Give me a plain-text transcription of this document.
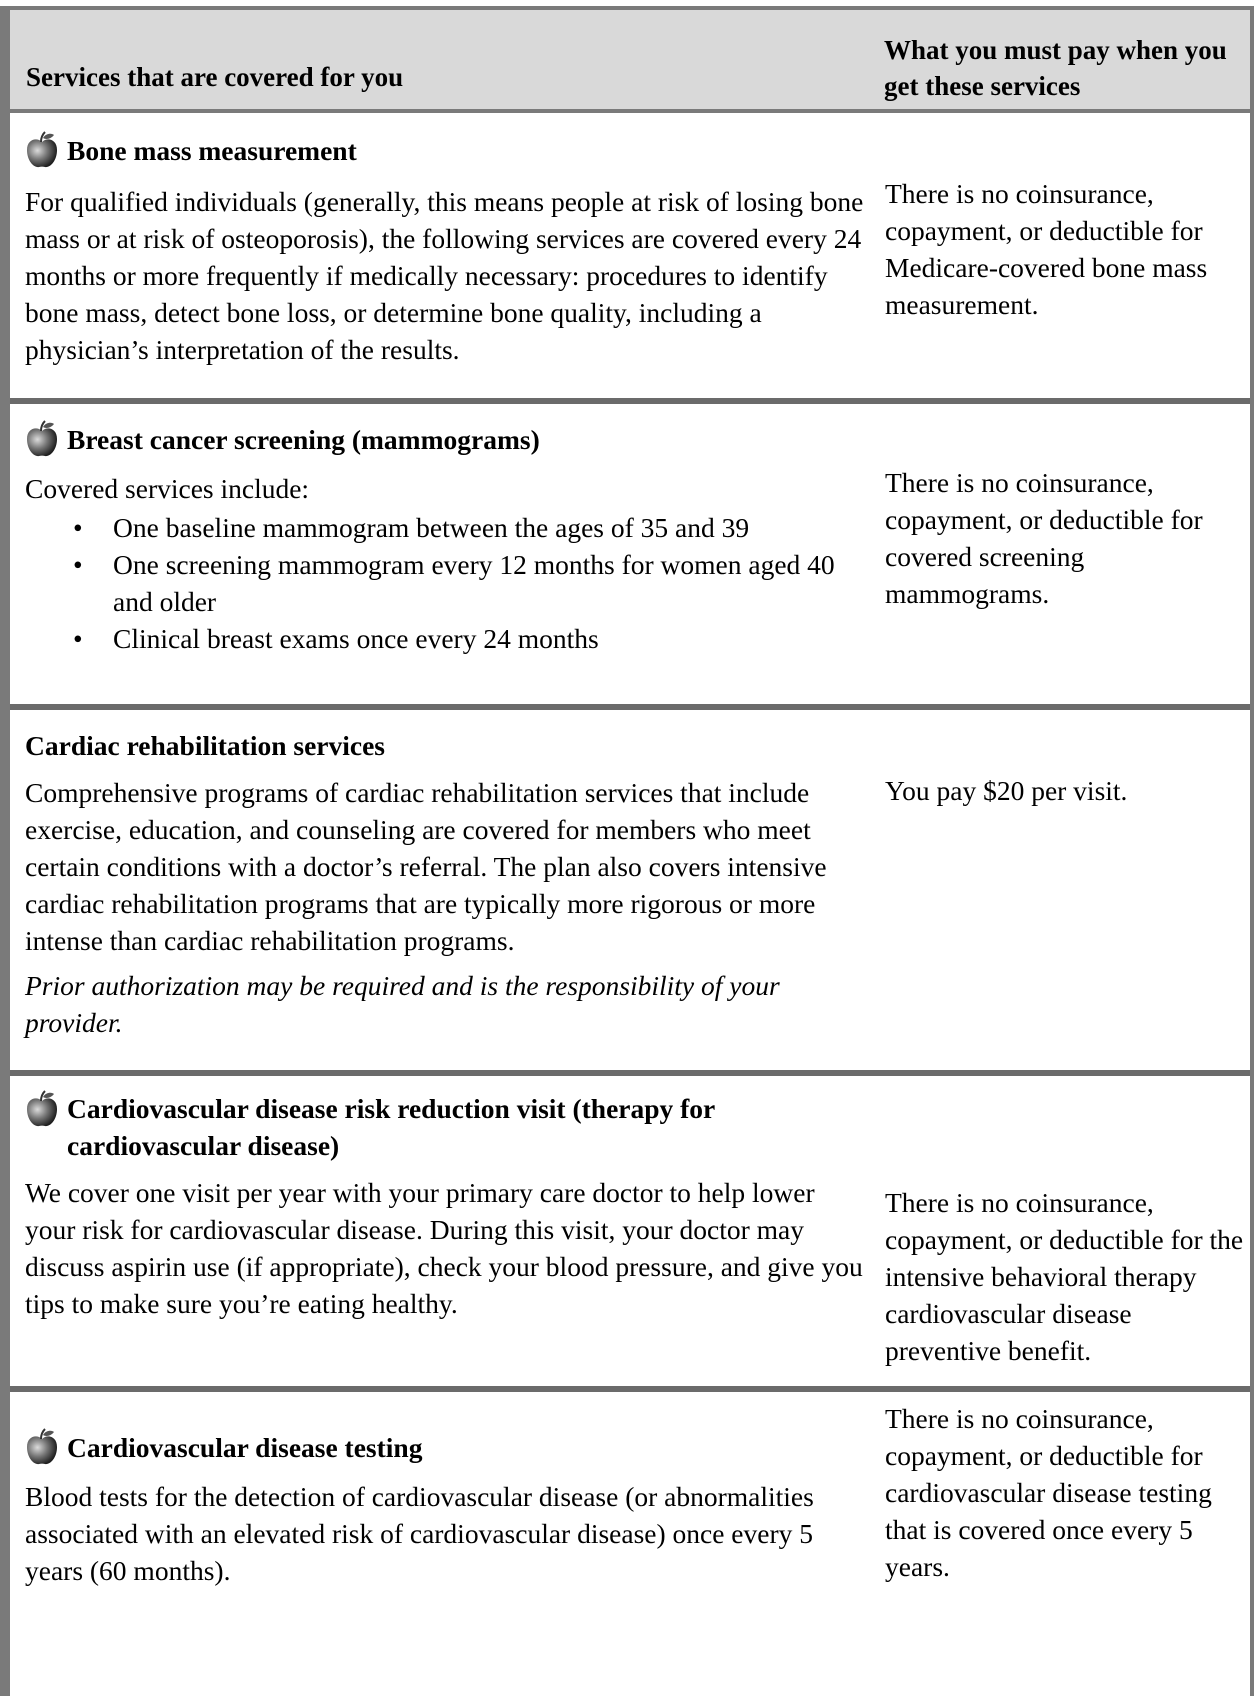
Services that are covered for you
What you must pay when you get these services
Bone mass measurement

For qualified individuals (generally, this means people at risk of losing bone mass or at risk of osteoporosis), the following services are covered every 24 months or more frequently if medically necessary: procedures to identify bone mass, detect bone loss, or determine bone quality, including a physician’s interpretation of the results.

There is no coinsurance, copayment, or deductible for Medicare-covered bone mass measurement.
Breast cancer screening (mammograms)

Covered services include:

• One baseline mammogram between the ages of 35 and 39
• One screening mammogram every 12 months for women aged 40 and older
• Clinical breast exams once every 24 months
There is no coinsurance, copayment, or deductible for covered screening mammograms.
Cardiac rehabilitation services

Comprehensive programs of cardiac rehabilitation services that include exercise, education, and counseling are covered for members who meet certain conditions with a doctor’s referral. The plan also covers intensive cardiac rehabilitation programs that are typically more rigorous or more intense than cardiac rehabilitation programs.

Prior authorization may be required and is the responsibility of your provider.

You pay $20 per visit.
Cardiovascular disease risk reduction visit (therapy for cardiovascular disease)

We cover one visit per year with your primary care doctor to help lower your risk for cardiovascular disease. During this visit, your doctor may discuss aspirin use (if appropriate), check your blood pressure, and give you tips to make sure you’re eating healthy.

There is no coinsurance, copayment, or deductible for the intensive behavioral therapy cardiovascular disease preventive benefit.
Cardiovascular disease testing

Blood tests for the detection of cardiovascular disease (or abnormalities associated with an elevated risk of cardiovascular disease) once every 5 years (60 months).

There is no coinsurance, copayment, or deductible for cardiovascular disease testing that is covered once every 5 years.
